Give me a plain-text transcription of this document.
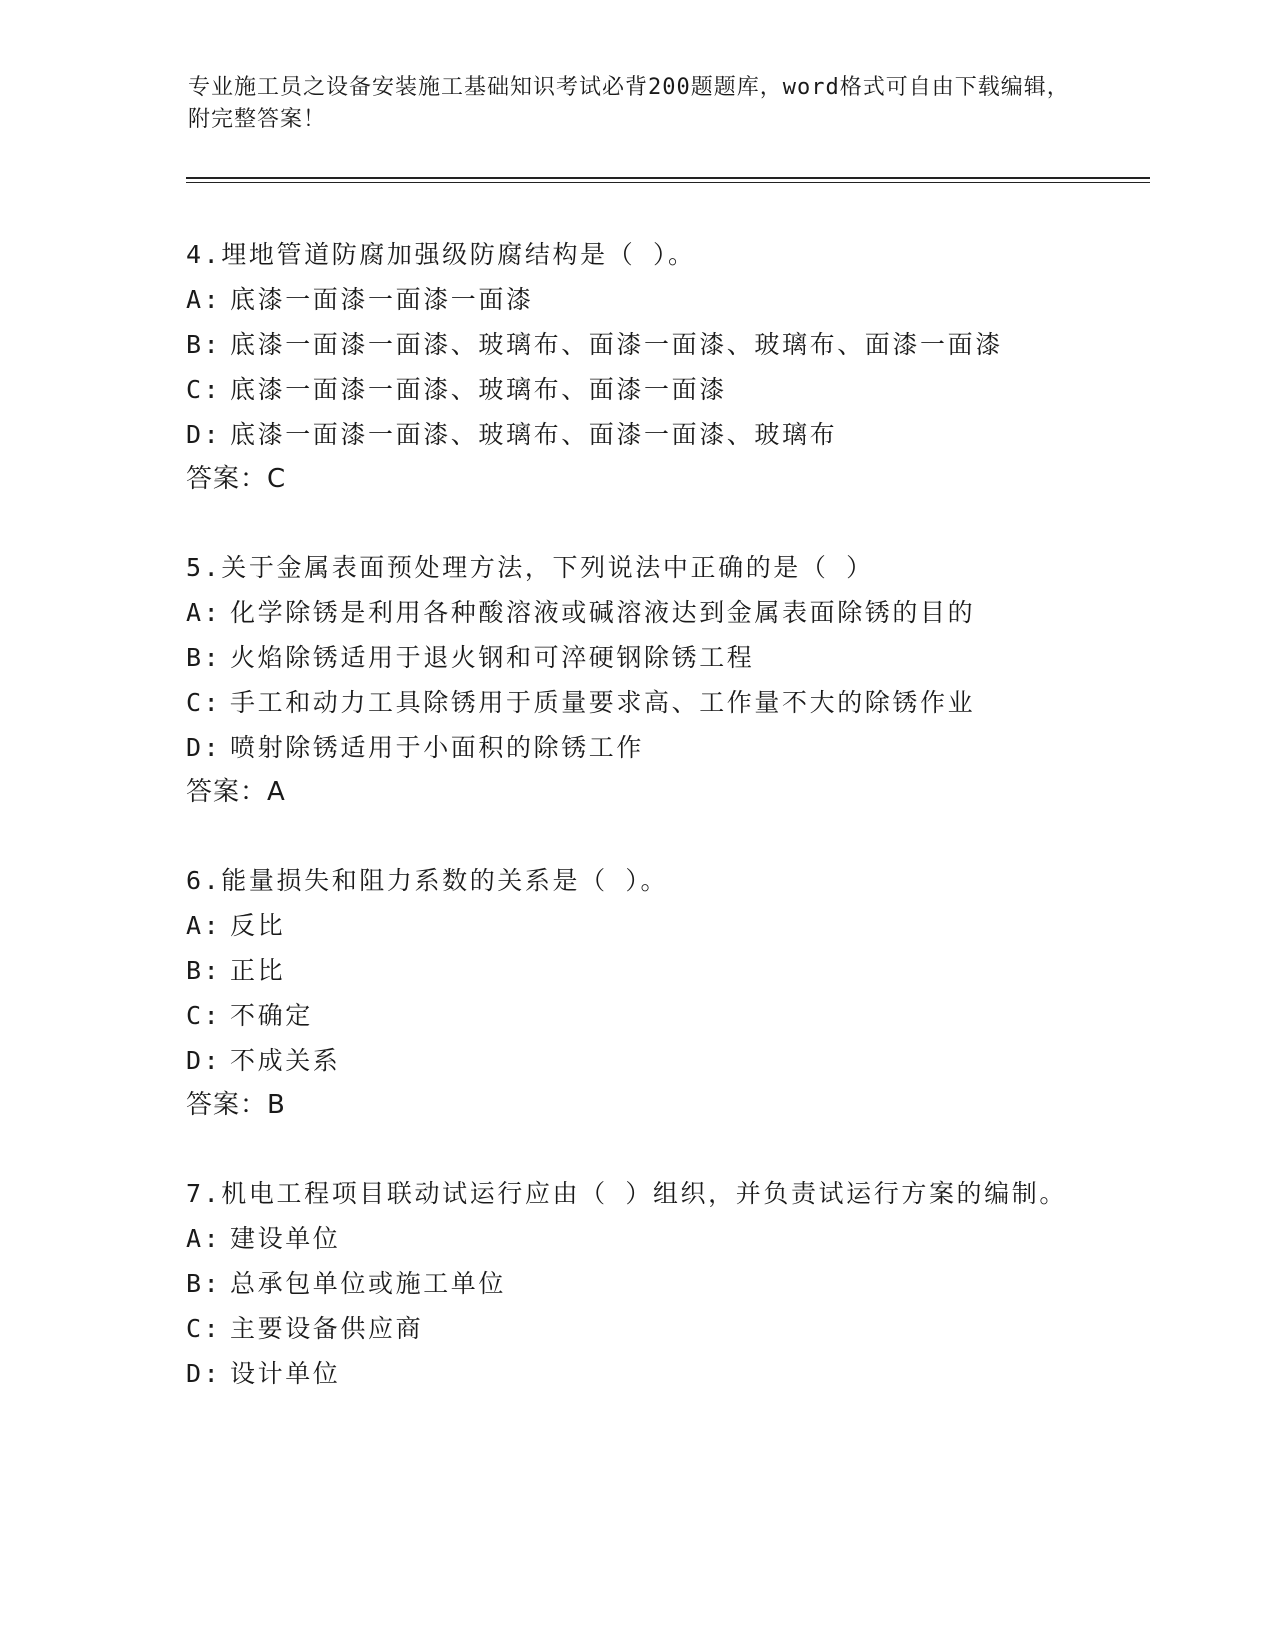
专业施工员之设备安装施工基础知识考试必背200题题库，word格式可自由下载编辑，附完整答案！
4.埋地管道防腐加强级防腐结构是（ ）。
A: 底漆一面漆一面漆一面漆
B: 底漆一面漆一面漆、玻璃布、面漆一面漆、玻璃布、面漆一面漆
C: 底漆一面漆一面漆、玻璃布、面漆一面漆
D: 底漆一面漆一面漆、玻璃布、面漆一面漆、玻璃布
答案：C
5.关于金属表面预处理方法，下列说法中正确的是（ ）
A: 化学除锈是利用各种酸溶液或碱溶液达到金属表面除锈的目的
B: 火焰除锈适用于退火钢和可淬硬钢除锈工程
C: 手工和动力工具除锈用于质量要求高、工作量不大的除锈作业
D: 喷射除锈适用于小面积的除锈工作
答案：A
6.能量损失和阻力系数的关系是（ ）。
A: 反比
B: 正比
C: 不确定
D: 不成关系
答案：B
7.机电工程项目联动试运行应由（ ）组织，并负责试运行方案的编制。
A: 建设单位
B: 总承包单位或施工单位
C: 主要设备供应商
D: 设计单位
